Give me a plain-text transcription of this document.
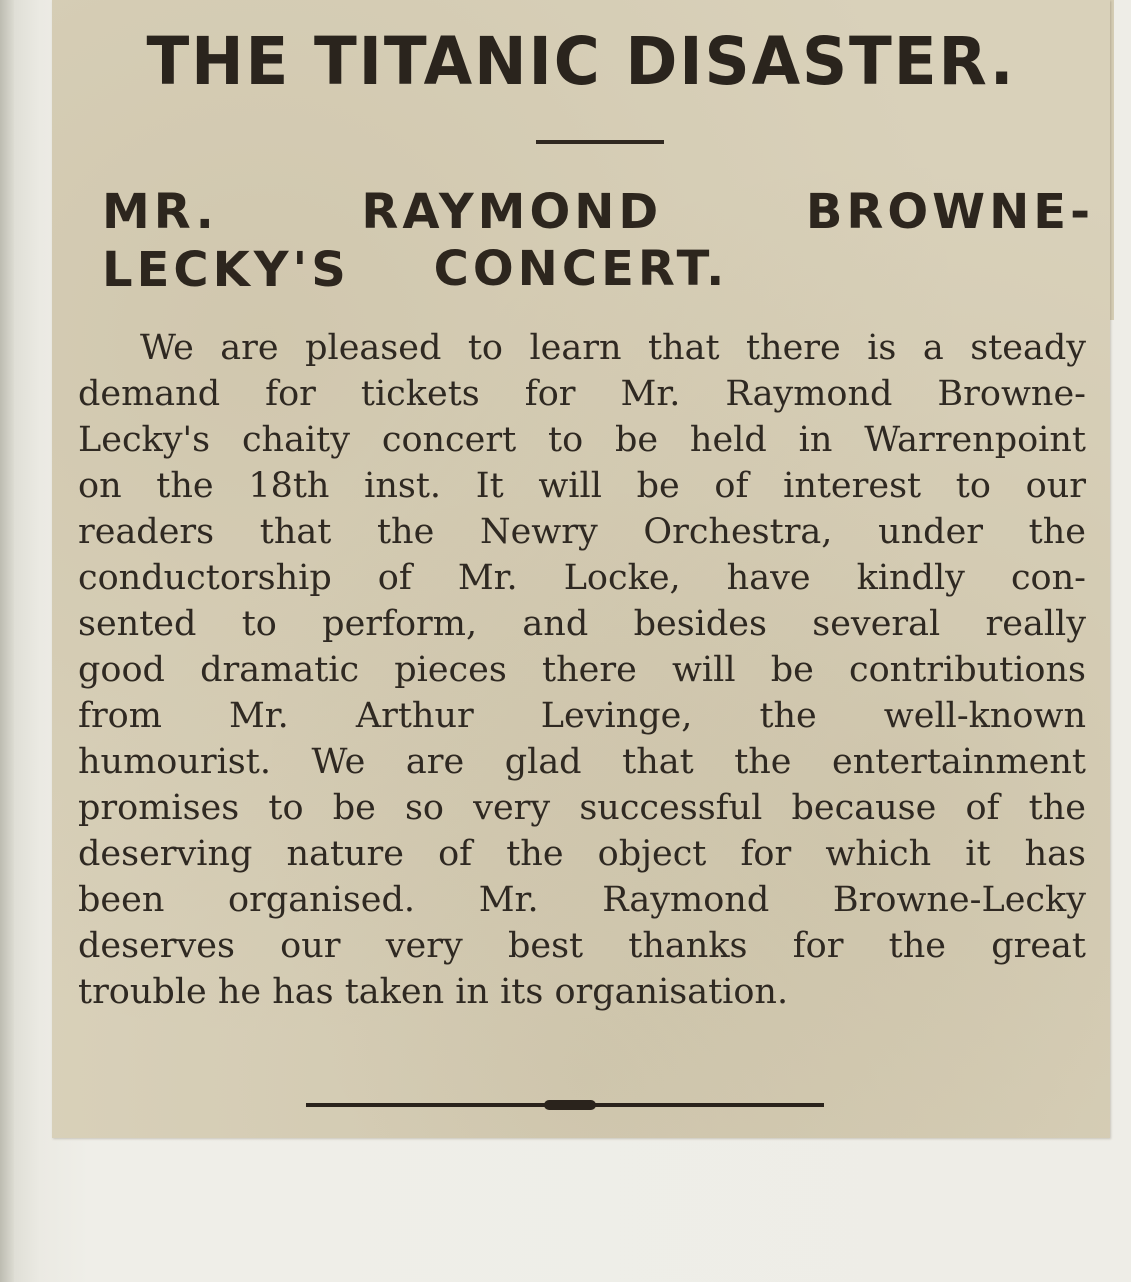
THE TITANIC DISASTER.
MR. RAYMOND BROWNE-LECKY'S	CONCERT.
We are pleased to learn that there is a steady
demand for tickets for Mr. Raymond Browne-
Lecky's chaity concert to be held in Warrenpoint
on the 18th inst. It will be of interest to our
readers that the Newry Orchestra, under the
conductorship of Mr. Locke, have kindly con-
sented to perform, and besides several really
good dramatic pieces there will be contributions
from Mr. Arthur Levinge, the well-known
humourist. We are glad that the entertainment
promises to be so very successful because of the
deserving nature of the object for which it has
been organised. Mr. Raymond Browne-Lecky
deserves our very best thanks for the great
trouble he has taken in its organisation.
